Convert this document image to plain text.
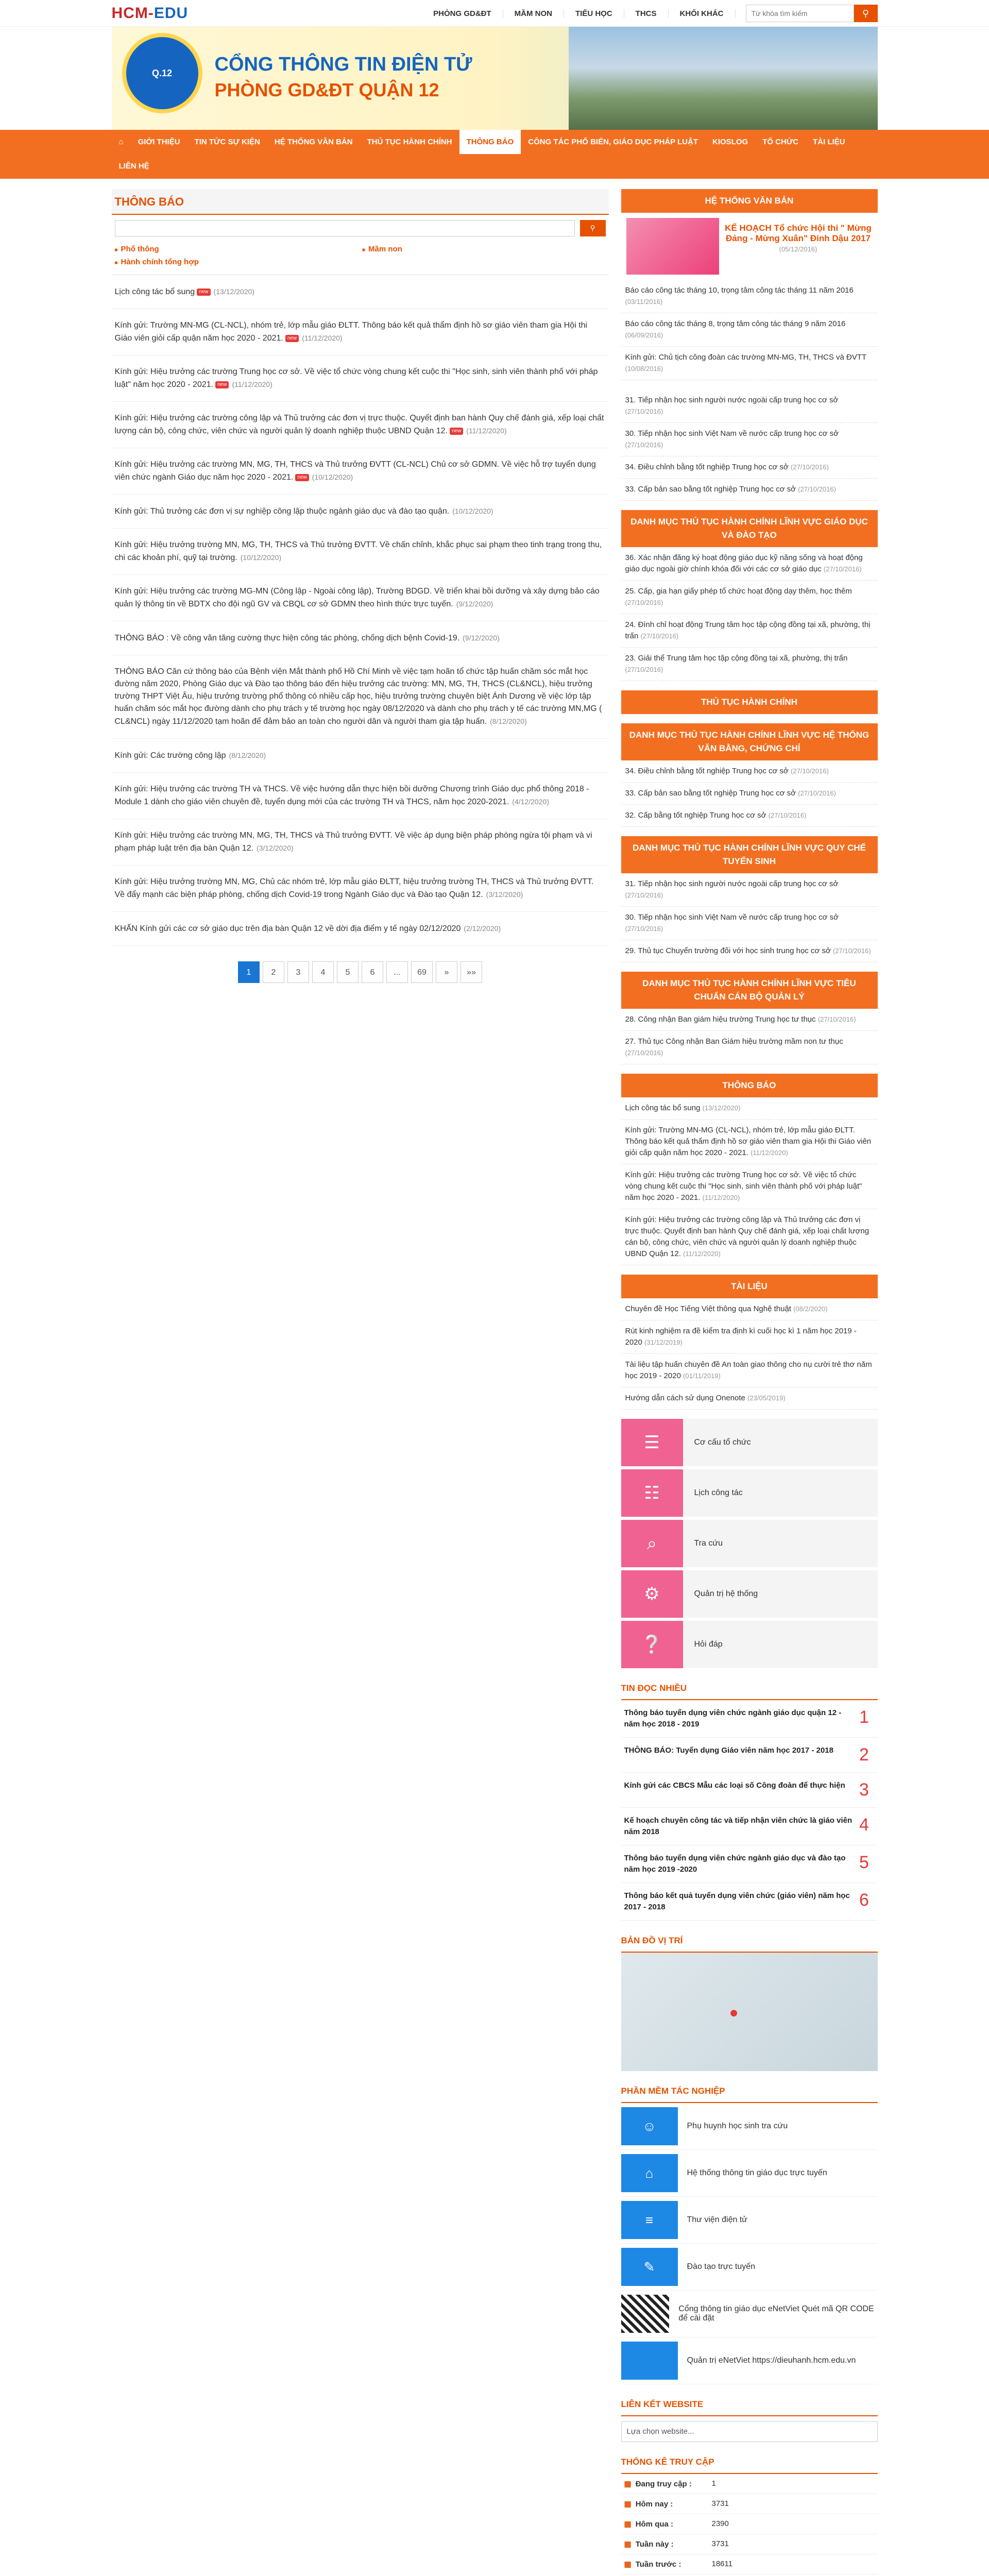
HCM-EDU	PHÒNG GD&ĐT	MẦM NON	TIỂU HỌC	THCS	KHỐI KHÁC
Từ khóa tìm kiếm	⚲
Q.12	CỔNG THÔNG TIN ĐIỆN TỬ
PHÒNG GD&ĐT QUẬN 12
⌂	GIỚI THIỆU	TIN TỨC SỰ KIỆN	HỆ THỐNG VĂN BẢN	THỦ TỤC HÀNH CHÍNH	THÔNG BÁO	CÔNG TÁC PHỔ BIẾN, GIÁO DỤC PHÁP LUẬT	KIOSLOG	TỔ CHỨC	TÀI LIỆU
LIÊN HỆ
THÔNG BÁO
⚲
■ Phổ thông	■ Mầm non
■ Hành chính tổng hợp
Lịch công tác bổ sung new (13/12/2020)
Kính gửi: Trường MN-MG (CL-NCL), nhóm trẻ, lớp mẫu giáo ĐLTT. Thông báo kết quả thẩm định hồ sơ giáo viên tham gia Hội thi Giáo viên giỏi cấp quận năm học 2020 - 2021. new (11/12/2020)
Kính gửi: Hiệu trưởng các trường Trung học cơ sở. Về việc tổ chức vòng chung kết cuộc thi "Học sinh, sinh viên thành phố với pháp luật" năm học 2020 - 2021. new (11/12/2020)
Kính gửi: Hiệu trưởng các trường công lập và Thủ trưởng các đơn vị trực thuộc. Quyết định ban hành Quy chế đánh giá, xếp loại chất lượng cán bộ, công chức, viên chức và người quản lý doanh nghiệp thuộc UBND Quận 12. new (11/12/2020)
Kính gửi: Hiệu trưởng các trường MN, MG, TH, THCS và Thủ trưởng ĐVTT (CL-NCL) Chủ cơ sở GDMN. Về việc hỗ trợ tuyển dụng viên chức ngành Giáo dục năm học 2020 - 2021. new (10/12/2020)
Kính gửi: Thủ trưởng các đơn vị sự nghiệp công lập thuộc ngành giáo dục và đào tạo quận. (10/12/2020)
Kính gửi: Hiệu trưởng trường MN, MG, TH, THCS và Thủ trưởng ĐVTT. Về chấn chỉnh, khắc phục sai phạm theo tinh trạng trong thu, chi các khoản phí, quỹ tại trường. (10/12/2020)
Kính gửi: Hiệu trưởng các trường MG-MN (Công lập - Ngoài công lập), Trường BDGD. Về triển khai bồi dưỡng và xây dựng bảo cáo quản lý thông tin về BDTX cho đội ngũ GV và CBQL cơ sở GDMN theo hình thức trực tuyến. (9/12/2020)
THÔNG BÁO : Về công văn tăng cường thực hiện công tác phòng, chống dịch bệnh Covid-19. (9/12/2020)
THÔNG BÁO Căn cứ thông báo của Bệnh viện Mắt thành phố Hồ Chí Minh về việc tạm hoãn tổ chức tập huấn chăm sóc mắt học đường năm 2020, Phòng Giáo dục và Đào tạo thông báo đến hiệu trưởng các trường: MN, MG, TH, THCS (CL&NCL), hiệu trưởng trường THPT Việt Âu, hiệu trưởng trường phổ thông có nhiều cấp học, hiệu trưởng trường chuyên biệt Ánh Dương về việc lớp tập huấn chăm sóc mắt học đường dành cho phụ trách y tế trường học ngày 08/12/2020 và dành cho phụ trách y tế các trường MN,MG ( CL&NCL) ngày 11/12/2020 tạm hoãn để đảm bảo an toàn cho người dân và người tham gia tập huấn. (8/12/2020)
Kính gửi: Các trường công lập (8/12/2020)
Kính gửi: Hiệu trưởng các trường TH và THCS. Về việc hướng dẫn thực hiện bồi dưỡng Chương trình Giáo dục phổ thông 2018 - Module 1 dành cho giáo viên chuyên đề, tuyển dụng mới của các trường TH và THCS, năm học 2020-2021. (4/12/2020)
Kính gửi: Hiệu trưởng các trường MN, MG, TH, THCS và Thủ trưởng ĐVTT. Về việc áp dụng biện pháp phòng ngừa tội phạm và vi phạm pháp luật trên địa bàn Quận 12. (3/12/2020)
Kính gửi: Hiệu trưởng trường MN, MG, Chủ các nhóm trẻ, lớp mẫu giáo ĐLTT, hiệu trưởng trường TH, THCS và Thủ trưởng ĐVTT. Về đẩy mạnh các biện pháp phòng, chống dịch Covid-19 trong Ngành Giáo dục và Đào tạo Quận 12. (3/12/2020)
KHẨN Kính gửi các cơ sở giáo dục trên địa bàn Quận 12 về dời địa điểm y tế ngày 02/12/2020 (2/12/2020)
1	2	3	4	5	6	...	69	»	»»
HỆ THỐNG VĂN BẢN
KẾ HOẠCH Tổ chức Hội thi " Mừng Đảng - Mừng Xuân" Đinh Dậu 2017 (05/12/2016)
Báo cáo công tác tháng 10, trọng tâm công tác tháng 11 năm 2016 (03/11/2016)
Báo cáo công tác tháng 8, trọng tâm công tác tháng 9 năm 2016 (06/09/2016)
Kính gửi: Chủ tịch công đoàn các trường MN-MG, TH, THCS và ĐVTT (10/08/2016)
31. Tiếp nhận học sinh người nước ngoài cấp trung học cơ sở (27/10/2016)
30. Tiếp nhận học sinh Việt Nam về nước cấp trung học cơ sở (27/10/2016)
34. Điều chỉnh bằng tốt nghiệp Trung học cơ sở (27/10/2016)
33. Cấp bản sao bằng tốt nghiệp Trung học cơ sở (27/10/2016)
DANH MỤC THỦ TỤC HÀNH CHÍNH LĨNH VỰC GIÁO DỤC VÀ ĐÀO TẠO
36. Xác nhận đăng ký hoạt động giáo dục kỹ năng sống và hoạt động giáo dục ngoài giờ chính khóa đối với các cơ sở giáo dục (27/10/2016)
25. Cấp, gia hạn giấy phép tổ chức hoạt động dạy thêm, học thêm (27/10/2016)
24. Đình chỉ hoạt động Trung tâm học tập cộng đồng tại xã, phường, thị trấn (27/10/2016)
23. Giải thể Trung tâm học tập cộng đồng tại xã, phường, thị trấn (27/10/2016)
THỦ TỤC HÀNH CHÍNH
DANH MỤC THỦ TỤC HÀNH CHÍNH LĨNH VỰC HỆ THỐNG VĂN BẰNG, CHỨNG CHỈ
34. Điều chỉnh bằng tốt nghiệp Trung học cơ sở (27/10/2016)
33. Cấp bản sao bằng tốt nghiệp Trung học cơ sở (27/10/2016)
32. Cấp bằng tốt nghiệp Trung học cơ sở (27/10/2016)
DANH MỤC THỦ TỤC HÀNH CHÍNH LĨNH VỰC QUY CHẾ TUYỂN SINH
31. Tiếp nhận học sinh người nước ngoài cấp trung học cơ sở (27/10/2016)
30. Tiếp nhận học sinh Việt Nam về nước cấp trung học cơ sở (27/10/2016)
29. Thủ tục Chuyển trường đối với học sinh trung học cơ sở (27/10/2016)
DANH MỤC THỦ TỤC HÀNH CHÍNH LĨNH VỰC TIÊU CHUẨN CÁN BỘ QUẢN LÝ
28. Công nhận Ban giám hiệu trường Trung học tư thục (27/10/2016)
27. Thủ tục Công nhận Ban Giám hiệu trường mầm non tư thục (27/10/2016)
THÔNG BÁO
Lịch công tác bổ sung (13/12/2020)
Kính gửi: Trường MN-MG (CL-NCL), nhóm trẻ, lớp mẫu giáo ĐLTT. Thông báo kết quả thẩm định hồ sơ giáo viên tham gia Hội thi Giáo viên giỏi cấp quận năm học 2020 - 2021. (11/12/2020)
Kính gửi: Hiệu trưởng các trường Trung học cơ sở. Về việc tổ chức vòng chung kết cuộc thi "Học sinh, sinh viên thành phố với pháp luật" năm học 2020 - 2021. (11/12/2020)
Kính gửi: Hiệu trưởng các trường công lập và Thủ trưởng các đơn vị trực thuộc. Quyết định ban hành Quy chế đánh giá, xếp loại chất lượng cán bộ, công chức, viên chức và người quản lý doanh nghiệp thuộc UBND Quận 12. (11/12/2020)
TÀI LIỆU
Chuyên đề Học Tiếng Việt thông qua Nghệ thuật (08/2/2020)
Rút kinh nghiệm ra đề kiểm tra định kì cuối học kì 1 năm học 2019 - 2020 (31/12/2019)
Tài liệu tập huấn chuyên đề An toàn giao thông cho nụ cười trẻ thơ năm học 2019 - 2020 (01/11/2019)
Hướng dẫn cách sử dụng Onenote (23/05/2019)
☰	Cơ cấu tổ chức
☷	Lịch công tác
⌕	Tra cứu
⚙	Quản trị hệ thống
❔	Hỏi đáp
TIN ĐỌC NHIỀU
Thông báo tuyển dụng viên chức ngành giáo dục quận 12 - năm học 2018 - 2019	1
THÔNG BÁO: Tuyển dụng Giáo viên năm học 2017 - 2018	2
Kính gửi các CBCS Mẫu các loại số Công đoàn để thực hiện 3
Kế hoạch chuyên công tác và tiếp nhận viên chức là giáo viên năm 2018	4
Thông báo tuyển dụng viên chức ngành giáo dục và đào tạo năm học 2019 -2020	5
Thông báo kết quả tuyển dụng viên chức (giáo viên) năm học 2017 - 2018	6
BẢN ĐỒ VỊ TRÍ
●
PHẦN MỀM TÁC NGHIỆP
☺	Phụ huynh học sinh tra cứu
⌂	Hệ thống thông tin giáo dục trực tuyến
≡	Thư viện điện tử
✎	Đào tạo trực tuyến
Cổng thông tin giáo dục eNetViet Quét mã QR CODE để cài đặt
Quản trị eNetViet https://dieuhanh.hcm.edu.vn
LIÊN KẾT WEBSITE
Lựa chọn website...
THỐNG KÊ TRUY CẬP
▦ Đang truy cập :	1
▦ Hôm nay :	3731
▦ Hôm qua :	2390
▦ Tuần này :	3731
▦ Tuần trước :	18611
